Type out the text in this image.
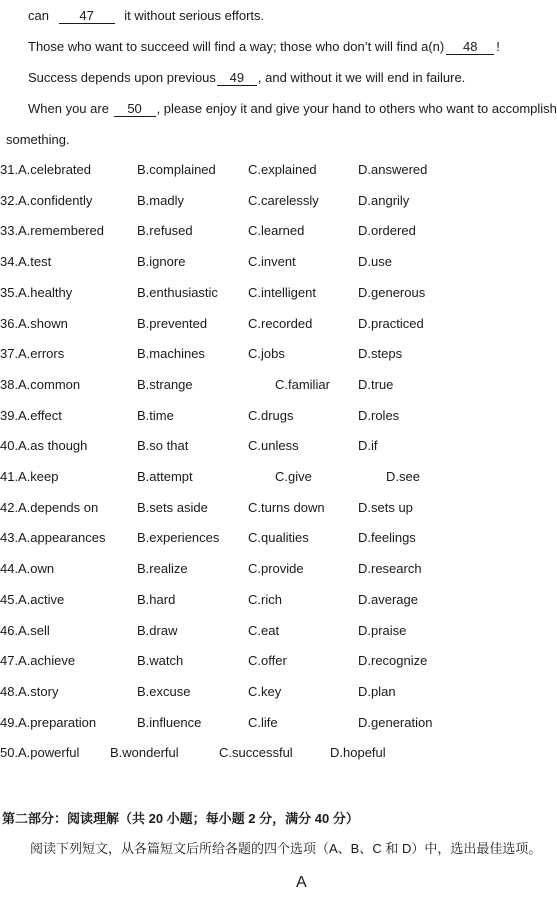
can 47 it without serious efforts.
Those who want to succeed will find a way; those who don’t will find a(n) 48 !
Success depends upon previous 49 , and without it we will end in failure.
When you are 50 , please enjoy it and give your hand to others who want to accomplish
something.
31. A.celebrated	B.complained C.explained	D.answered
32. A.confidently	B.madly	C.carelessly	D.angrily
33. A.remembered	B.refused	C.learned	D.ordered
34. A.test	B.ignore	C.invent	D.use
35. A.healthy	B.enthusiastic C.intelligent	D.generous
36. A.shown	B.prevented	C.recorded	D.practiced
37. A.errors	B.machines	C.jobs	D.steps
38. A.common	B.strange	C.familiar D.true
39. A.effect	B.time	C.drugs	D.roles
40. A.as though	B.so that	C.unless	D.if
41. A.keep	B.attempt	C.give	D.see
42. A.depends on	B.sets aside	C.turns down	D.sets up
43. A.appearances B.experiences C.qualities	D.feelings
44. A.own	B.realize	C.provide	D.research
45. A.active	B.hard	C.rich	D.average
46. A.sell	B.draw	C.eat	D.praise
47. A.achieve	B.watch	C.offer	D.recognize
48. A.story	B.excuse	C.key	D.plan
49. A.preparation	B.influence	C.life	D.generation
50. A.powerful B.wonderful	C.successful	D.hopeful
第二部分：阅读理解（共 20 小题；每小题 2 分，满分 40 分）
阅读下列短文，从各篇短文后所给各题的四个选项（A、B、C 和 D）中，选出最佳选项。
A
